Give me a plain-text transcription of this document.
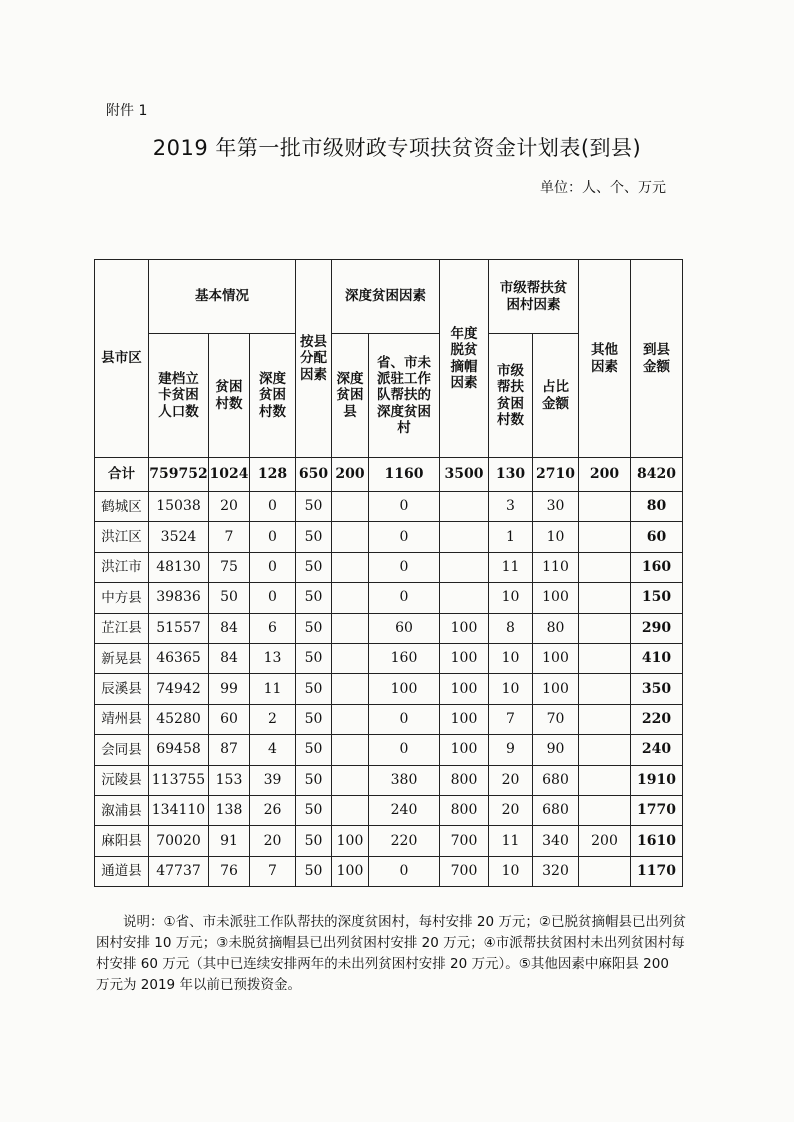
附件 1
2019 年第一批市级财政专项扶贫资金计划表(到县)
单位：人、个、万元
县市区	基本情况			按县分配因素	深度贫困因素		年度脱贫摘帽因素	市级帮扶贫困村因素		其他因素	到县金额

	建档立卡贫困人口数	贫困村数	深度贫困村数		深度贫困县	省、市未派驻工作队帮扶的深度贫困村		市级帮扶贫困村数	占比金额		

合计	759752	1024	128	650	200	1160	3500	130	2710	200	8420
鹤城区	15038	20	0	50		0		3	30		80
洪江区	3524	7	0	50		0		1	10		60
洪江市	48130	75	0	50		0		11	110		160
中方县	39836	50	0	50		0		10	100		150
芷江县	51557	84	6	50		60	100	8	80		290
新晃县	46365	84	13	50		160	100	10	100		410
辰溪县	74942	99	11	50		100	100	10	100		350
靖州县	45280	60	2	50		0	100	7	70		220
会同县	69458	87	4	50		0	100	9	90		240
沅陵县	113755	153	39	50		380	800	20	680		1910
溆浦县	134110	138	26	50		240	800	20	680		1770
麻阳县	70020	91	20	50	100	220	700	11	340	200	1610
通道县	47737	76	7	50	100	0	700	10	320		1170
说明：①省、市未派驻工作队帮扶的深度贫困村，每村安排 20 万元；②已脱贫摘帽县已出列贫困村安排 10 万元；③未脱贫摘帽县已出列贫困村安排 20 万元；④市派帮扶贫困村未出列贫困村每村安排 60 万元（其中已连续安排两年的未出列贫困村安排 20 万元）。⑤其他因素中麻阳县 200 万元为 2019 年以前已预拨资金。
